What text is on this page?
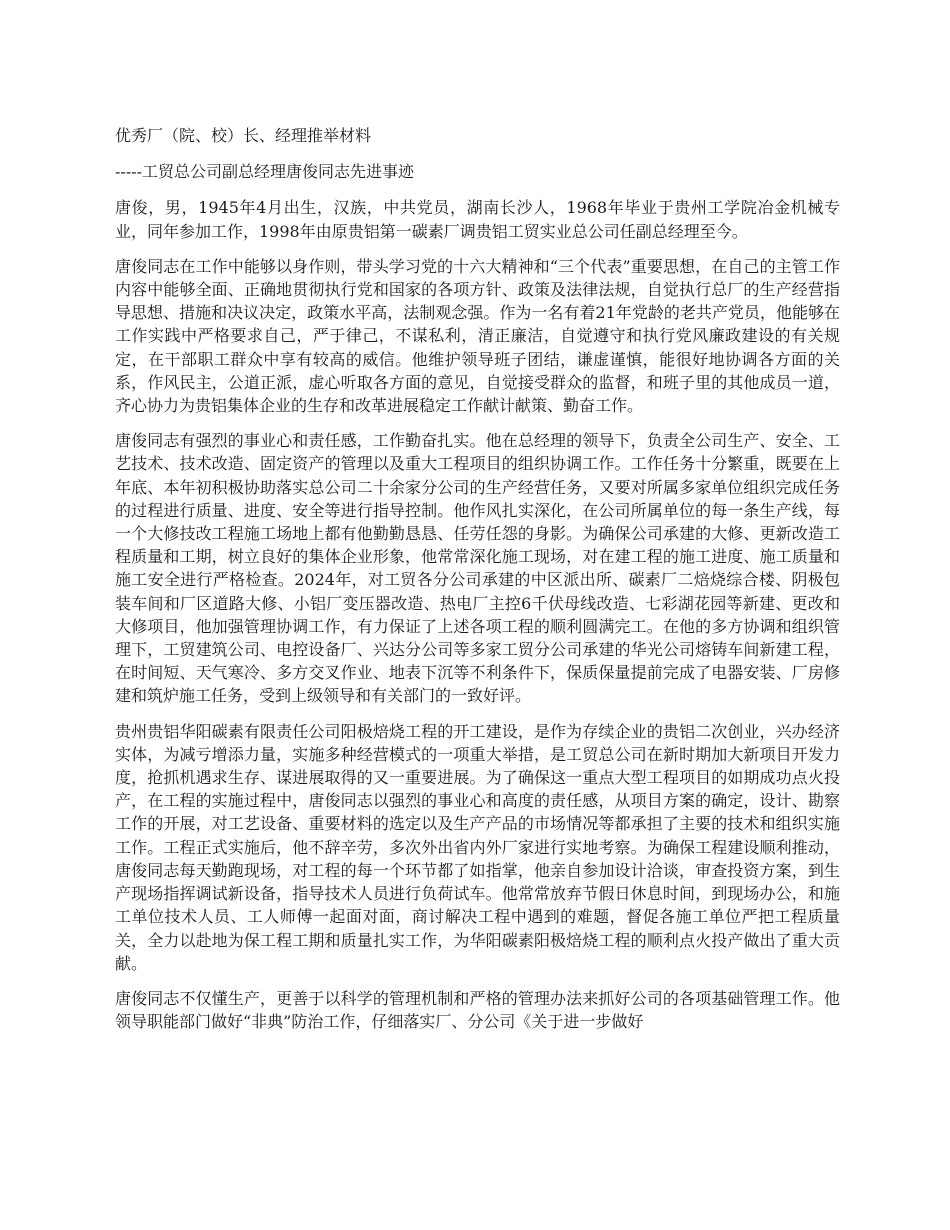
优秀厂（院、校）长、经理推举材料

-----工贸总公司副总经理唐俊同志先进事迹

唐俊，男，1945年4月出生，汉族，中共党员，湖南长沙人，1968年毕业于贵州工学院冶金机械专业，同年参加工作，1998年由原贵铝第一碳素厂调贵铝工贸实业总公司任副总经理至今。

唐俊同志在工作中能够以身作则，带头学习党的十六大精神和“三个代表”重要思想，在自己的主管工作内容中能够全面、正确地贯彻执行党和国家的各项方针、政策及法律法规，自觉执行总厂的生产经营指导思想、措施和决议决定，政策水平高，法制观念强。作为一名有着21年党龄的老共产党员，他能够在工作实践中严格要求自己，严于律己，不谋私利，清正廉洁，自觉遵守和执行党风廉政建设的有关规定，在干部职工群众中享有较高的威信。他维护领导班子团结，谦虚谨慎，能很好地协调各方面的关系，作风民主，公道正派，虚心听取各方面的意见，自觉接受群众的监督，和班子里的其他成员一道，齐心协力为贵铝集体企业的生存和改革进展稳定工作献计献策、勤奋工作。

唐俊同志有强烈的事业心和责任感，工作勤奋扎实。他在总经理的领导下，负责全公司生产、安全、工艺技术、技术改造、固定资产的管理以及重大工程项目的组织协调工作。工作任务十分繁重，既要在上年底、本年初积极协助落实总公司二十余家分公司的生产经营任务，又要对所属多家单位组织完成任务的过程进行质量、进度、安全等进行指导控制。他作风扎实深化，在公司所属单位的每一条生产线，每一个大修技改工程施工场地上都有他勤勤恳恳、任劳任怨的身影。为确保公司承建的大修、更新改造工程质量和工期，树立良好的集体企业形象，他常常深化施工现场，对在建工程的施工进度、施工质量和施工安全进行严格检查。2024年，对工贸各分公司承建的中区派出所、碳素厂二焙烧综合楼、阴极包装车间和厂区道路大修、小铝厂变压器改造、热电厂主控6千伏母线改造、七彩湖花园等新建、更改和大修项目，他加强管理协调工作，有力保证了上述各项工程的顺利圆满完工。在他的多方协调和组织管理下，工贸建筑公司、电控设备厂、兴达分公司等多家工贸分公司承建的华光公司熔铸车间新建工程，在时间短、天气寒冷、多方交叉作业、地表下沉等不利条件下，保质保量提前完成了电器安装、厂房修建和筑炉施工任务，受到上级领导和有关部门的一致好评。

贵州贵铝华阳碳素有限责任公司阳极焙烧工程的开工建设，是作为存续企业的贵铝二次创业，兴办经济实体，为减亏增添力量，实施多种经营模式的一项重大举措，是工贸总公司在新时期加大新项目开发力度，抢抓机遇求生存、谋进展取得的又一重要进展。为了确保这一重点大型工程项目的如期成功点火投产，在工程的实施过程中，唐俊同志以强烈的事业心和高度的责任感，从项目方案的确定，设计、勘察工作的开展，对工艺设备、重要材料的选定以及生产产品的市场情况等都承担了主要的技术和组织实施工作。工程正式实施后，他不辞辛劳，多次外出省内外厂家进行实地考察。为确保工程建设顺利推动，唐俊同志每天勤跑现场，对工程的每一个环节都了如指掌，他亲自参加设计洽谈，审查投资方案，到生产现场指挥调试新设备，指导技术人员进行负荷试车。他常常放弃节假日休息时间，到现场办公，和施工单位技术人员、工人师傅一起面对面，商讨解决工程中遇到的难题，督促各施工单位严把工程质量关，全力以赴地为保工程工期和质量扎实工作，为华阳碳素阳极焙烧工程的顺利点火投产做出了重大贡献。

唐俊同志不仅懂生产，更善于以科学的管理机制和严格的管理办法来抓好公司的各项基础管理工作。他领导职能部门做好“非典”防治工作，仔细落实厂、分公司《关于进一步做好
